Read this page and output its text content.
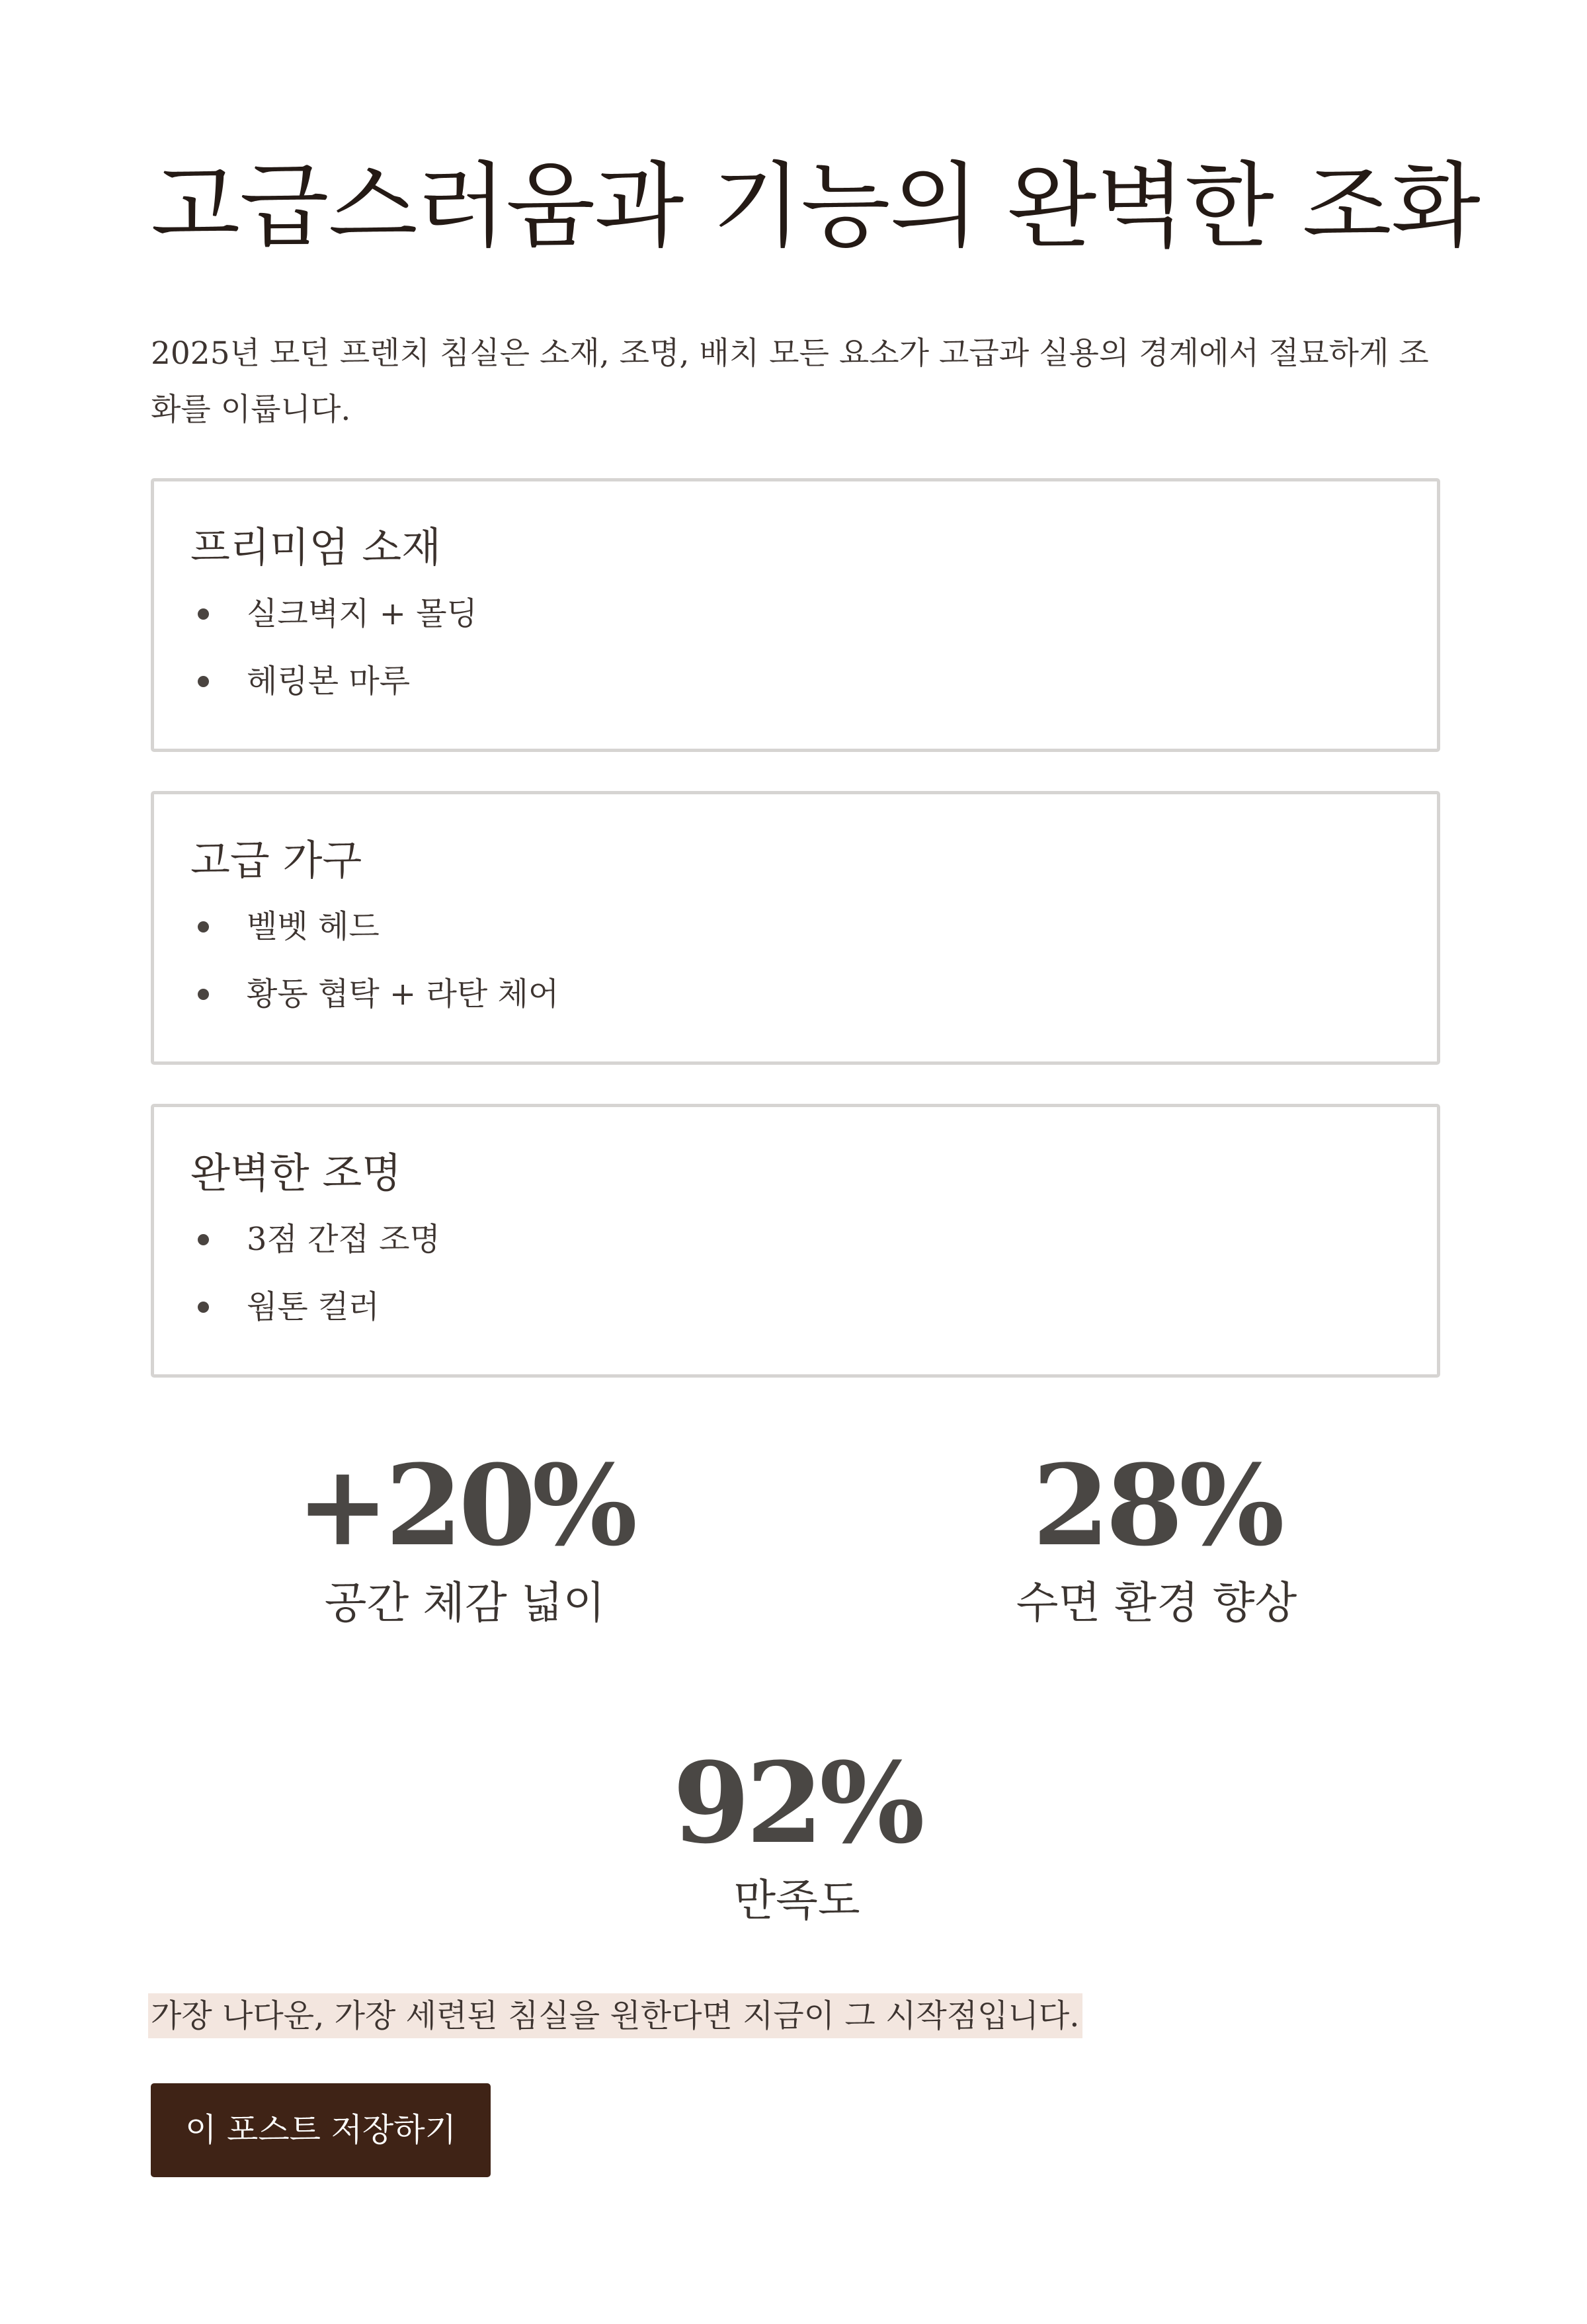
고급스러움과 기능의 완벽한 조화

2025년 모던 프렌치 침실은 소재, 조명, 배치 모든 요소가 고급과 실용의 경계에서 절묘하게 조화를 이룹니다.

프리미엄 소재
실크벽지 + 몰딩
헤링본 마루
고급 가구
벨벳 헤드
황동 협탁 + 라탄 체어
완벽한 조명
3점 간접 조명
웜톤 컬러
+20%
공간 체감 넓이
28%
수면 환경 향상
92%
만족도

가장 나다운, 가장 세련된 침실을 원한다면 지금이 그 시작점입니다.

이 포스트 저장하기
